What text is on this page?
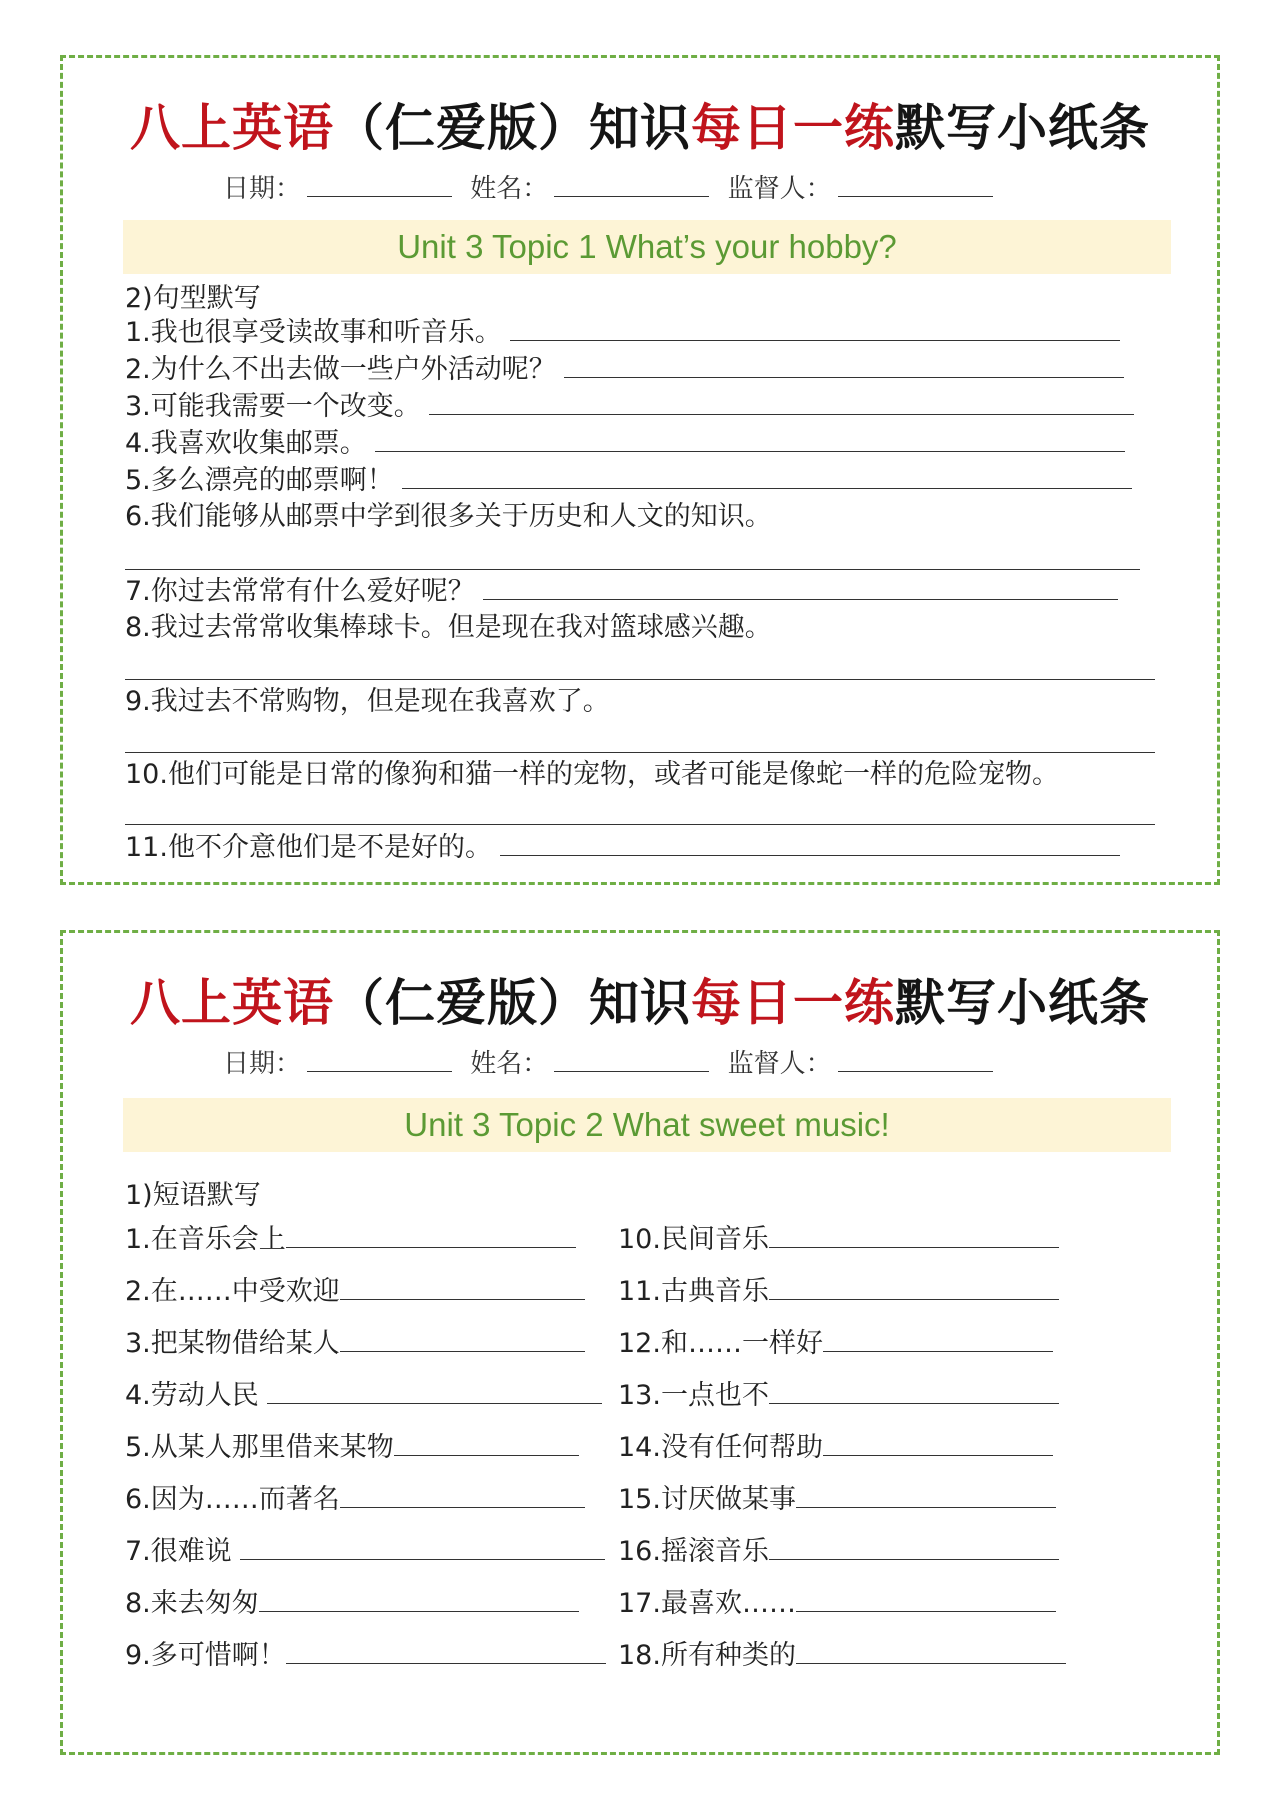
八上英语（仁爱版）知识每日一练默写小纸条
日期：	姓名：	监督人：
Unit 3 Topic 1 What’s your hobby?
2)句型默写
1.我也很享受读故事和听音乐。
2.为什么不出去做一些户外活动呢？
3.可能我需要一个改变。
4.我喜欢收集邮票。
5.多么漂亮的邮票啊！
6.我们能够从邮票中学到很多关于历史和人文的知识。
7.你过去常常有什么爱好呢？
8.我过去常常收集棒球卡。但是现在我对篮球感兴趣。
9.我过去不常购物，但是现在我喜欢了。
10.他们可能是日常的像狗和猫一样的宠物，或者可能是像蛇一样的危险宠物。
11.他不介意他们是不是好的。
八上英语（仁爱版）知识每日一练默写小纸条
日期：	姓名：	监督人：
Unit 3 Topic 2 What sweet music!
1)短语默写
1.在音乐会上
2.在……中受欢迎
3.把某物借给某人
4.劳动人民
5.从某人那里借来某物
6.因为……而著名
7.很难说
8.来去匆匆
9.多可惜啊！
10.民间音乐
11.古典音乐
12.和……一样好
13.一点也不
14.没有任何帮助
15.讨厌做某事
16.摇滚音乐
17.最喜欢……
18.所有种类的
